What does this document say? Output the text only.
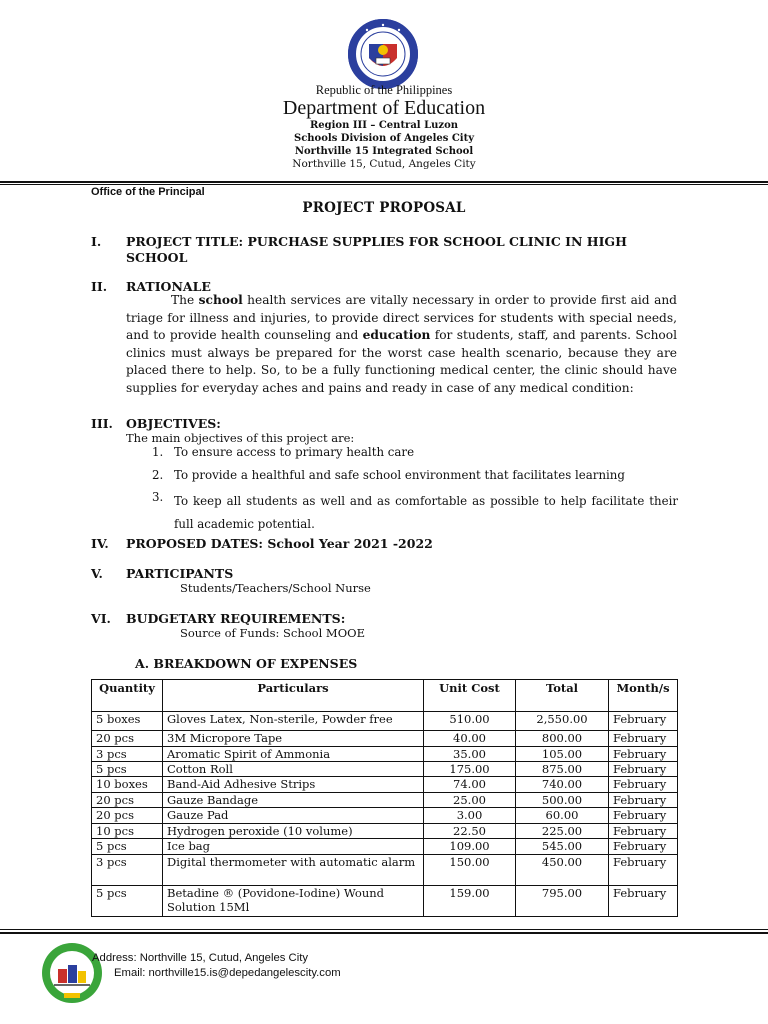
Republic of the Philippines
Department of Education
Region III – Central Luzon
Schools Division of Angeles City
Northville 15 Integrated School
Northville 15, Cutud, Angeles City
Office of the Principal
PROJECT PROPOSAL
I. PROJECT TITLE: PURCHASE SUPPLIES FOR SCHOOL CLINIC IN HIGH
SCHOOL
II. RATIONALE

The school health services are vitally necessary in order to provide first aid and triage for illness and injuries, to provide direct services for students with special needs, and to provide health counseling and education for students, staff, and parents. School clinics must always be prepared for the worst case health scenario, because they are placed there to help. So, to be a fully functioning medical center, the clinic should have supplies for everyday aches and pains and ready in case of any medical condition:

III. OBJECTIVES:
The main objectives of this project are:
1. To ensure access to primary health care
2. To provide a healthful and safe school environment that facilitates learning
3. To keep all students as well and as comfortable as possible to help facilitate their full academic potential.
IV. PROPOSED DATES: School Year 2021 -2022
V. PARTICIPANTS
Students/Teachers/School Nurse
VI. BUDGETARY REQUIREMENTS:
Source of Funds: School MOOE
A. BREAKDOWN OF EXPENSES
Quantity	Particulars	Unit Cost	Total	Month/s
5 boxes	Gloves Latex, Non-sterile, Powder free	510.00	2,550.00	February
20 pcs	3M Micropore Tape	40.00	800.00	February
3 pcs	Aromatic Spirit of Ammonia	35.00	105.00	February
5 pcs	Cotton Roll	175.00	875.00	February
10 boxes	Band-Aid Adhesive Strips	74.00	740.00	February
20 pcs	Gauze Bandage	25.00	500.00	February
20 pcs	Gauze Pad	3.00	60.00	February
10 pcs	Hydrogen peroxide (10 volume)	22.50	225.00	February
5 pcs	Ice bag	109.00	545.00	February
3 pcs	Digital thermometer with automatic alarm	150.00	450.00	February
5 pcs	Betadine ® (Povidone-Iodine) Wound Solution 15Ml	159.00	795.00	February
Address: Northville 15, Cutud, Angeles City
Email: northville15.is@depedangelescity.com
